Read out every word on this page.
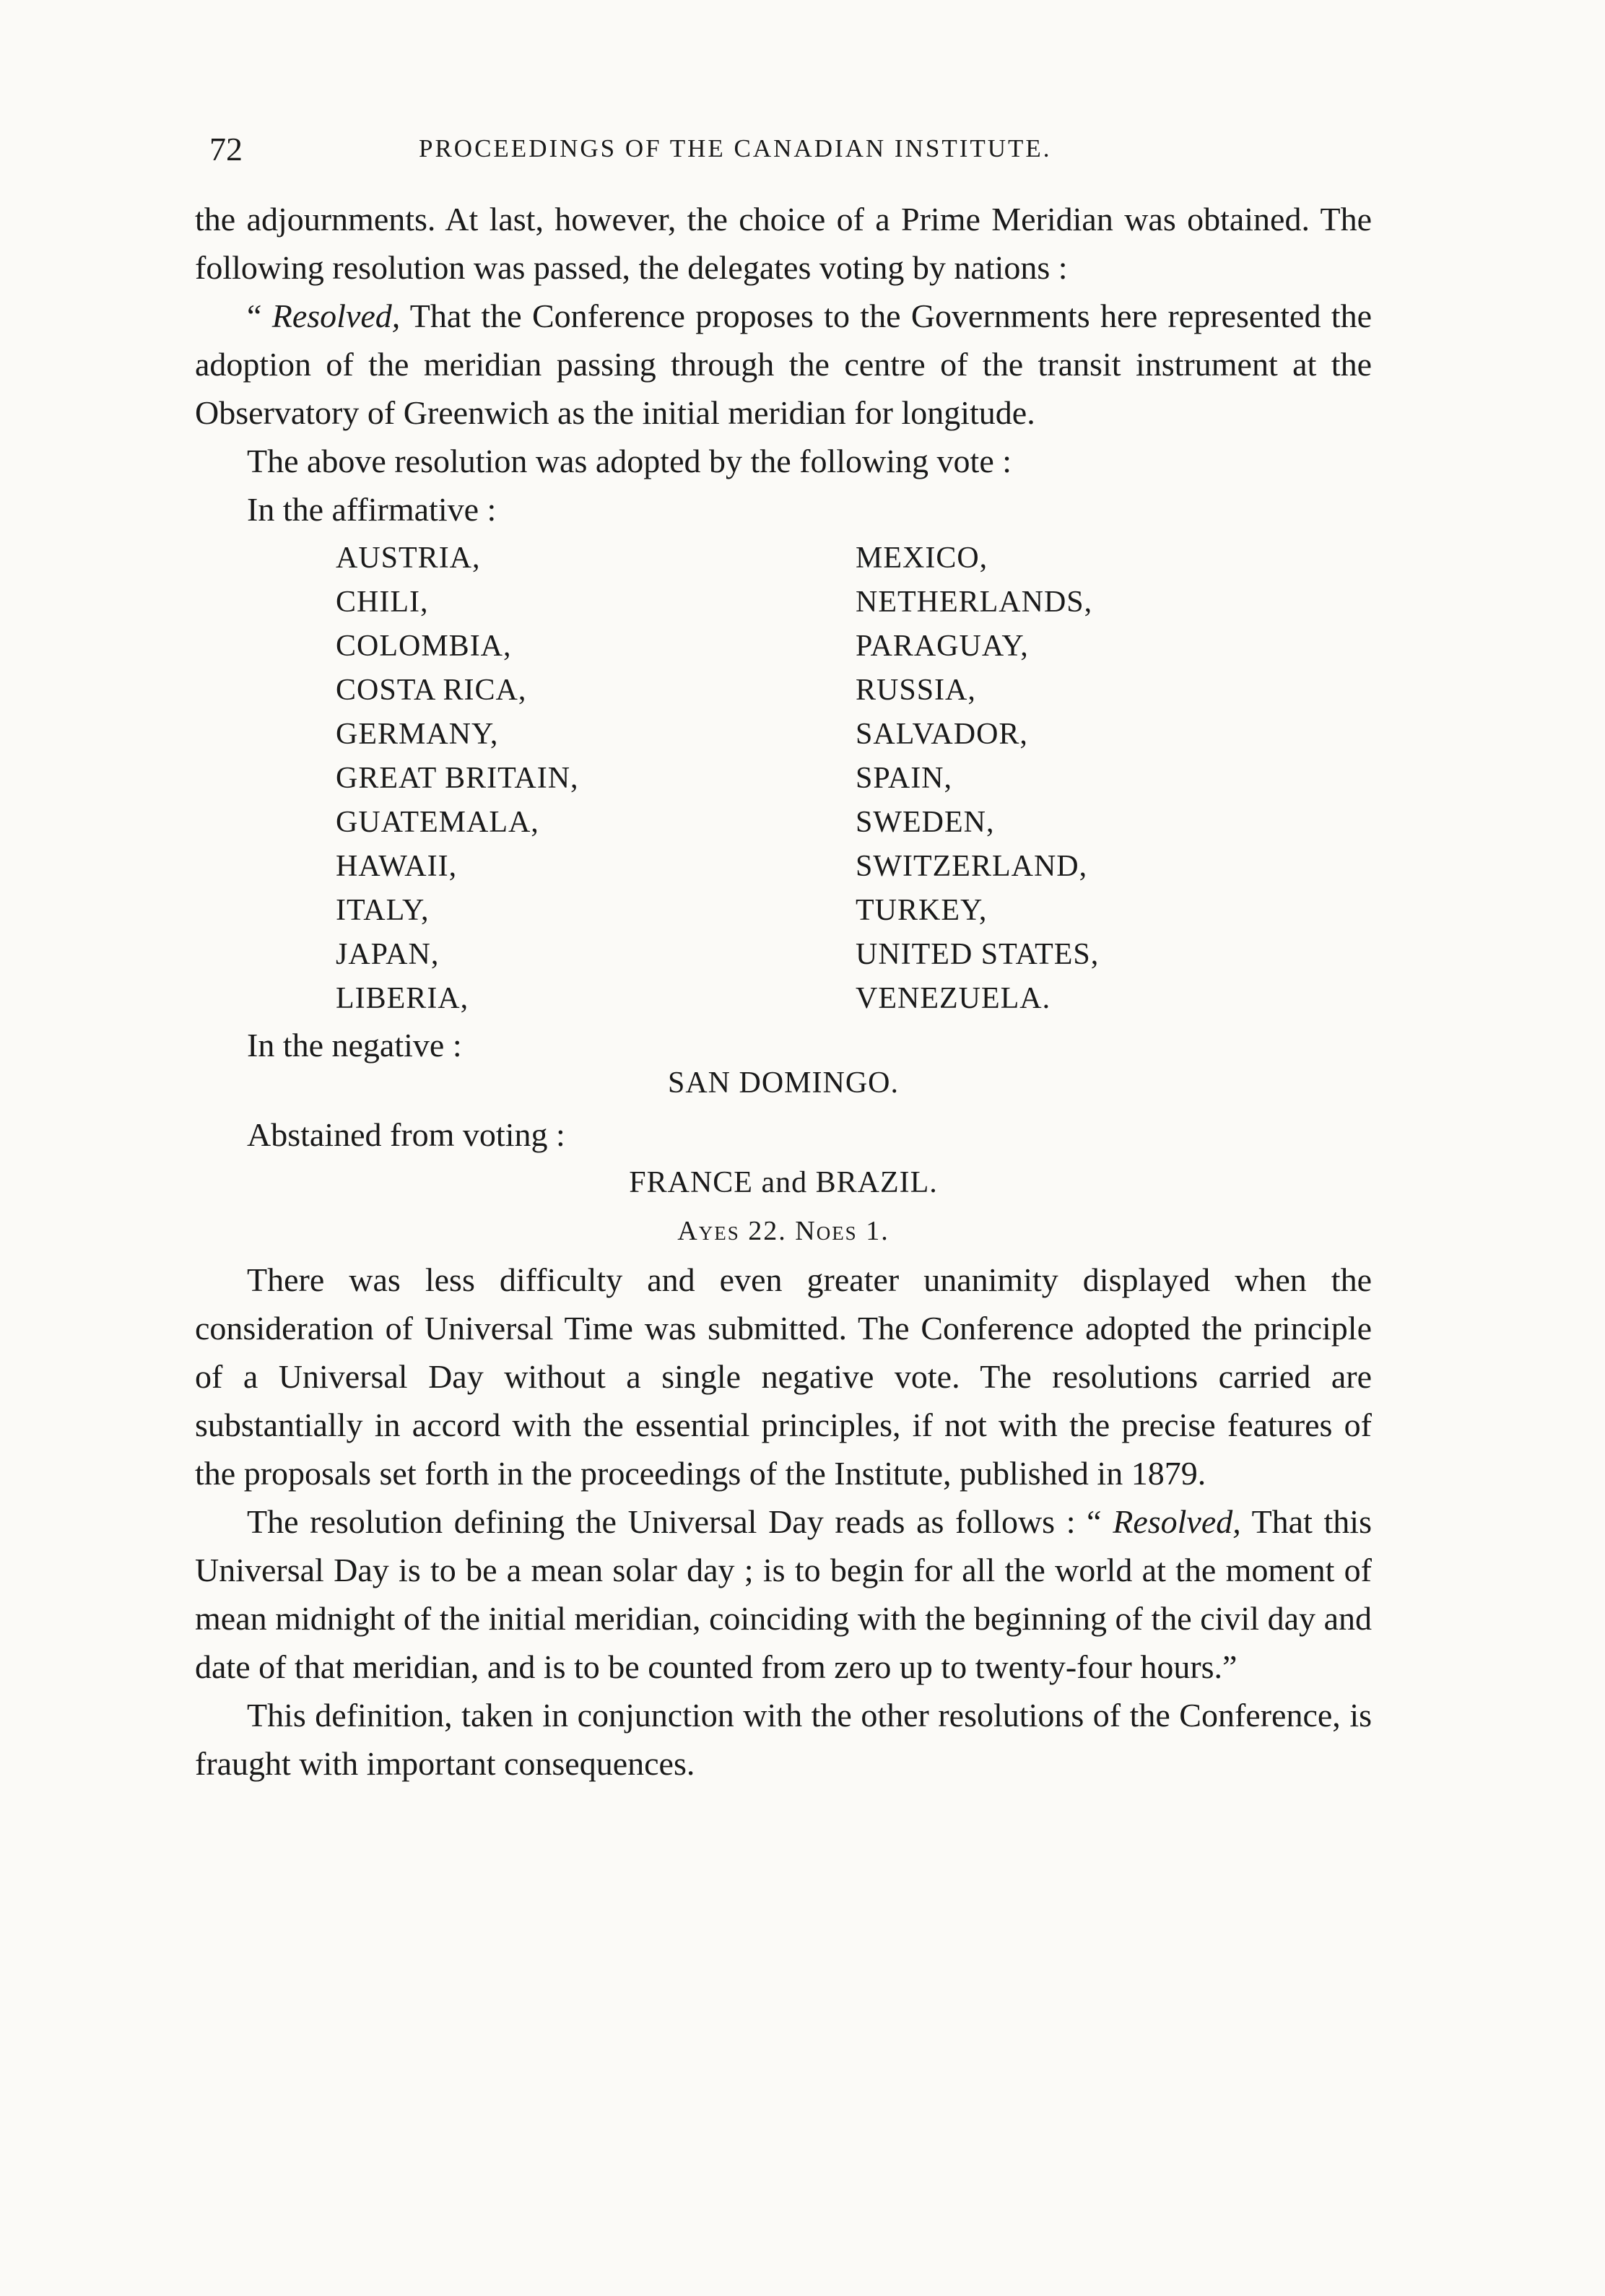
72	PROCEEDINGS OF THE CANADIAN INSTITUTE.

the adjournments. At last, however, the choice of a Prime Meridian was obtained. The following resolution was passed, the delegates voting by nations :

“ Resolved, That the Conference proposes to the Governments here represented the adoption of the meridian passing through the centre of the transit instrument at the Observatory of Greenwich as the initial meridian for longitude.

The above resolution was adopted by the following vote :

In the affirmative :

AUSTRIA,
CHILI,
COLOMBIA,
COSTA RICA,
GERMANY,
GREAT BRITAIN,
GUATEMALA,
HAWAII,
ITALY,
JAPAN,
LIBERIA,
MEXICO,
NETHERLANDS,
PARAGUAY,
RUSSIA,
SALVADOR,
SPAIN,
SWEDEN,
SWITZERLAND,
TURKEY,
UNITED STATES,
VENEZUELA.

In the negative :

SAN DOMINGO.

Abstained from voting :

FRANCE and BRAZIL.

Ayes 22. Noes 1.

There was less difficulty and even greater unanimity displayed when the consideration of Universal Time was submitted. The Conference adopted the principle of a Universal Day without a single negative vote. The resolutions carried are substantially in accord with the essential principles, if not with the precise features of the proposals set forth in the proceedings of the Institute, published in 1879.

The resolution defining the Universal Day reads as follows : “ Resolved, That this Universal Day is to be a mean solar day ; is to begin for all the world at the moment of mean midnight of the initial meridian, coinciding with the beginning of the civil day and date of that meridian, and is to be counted from zero up to twenty-four hours.”

This definition, taken in conjunction with the other resolutions of the Conference, is fraught with important consequences.
